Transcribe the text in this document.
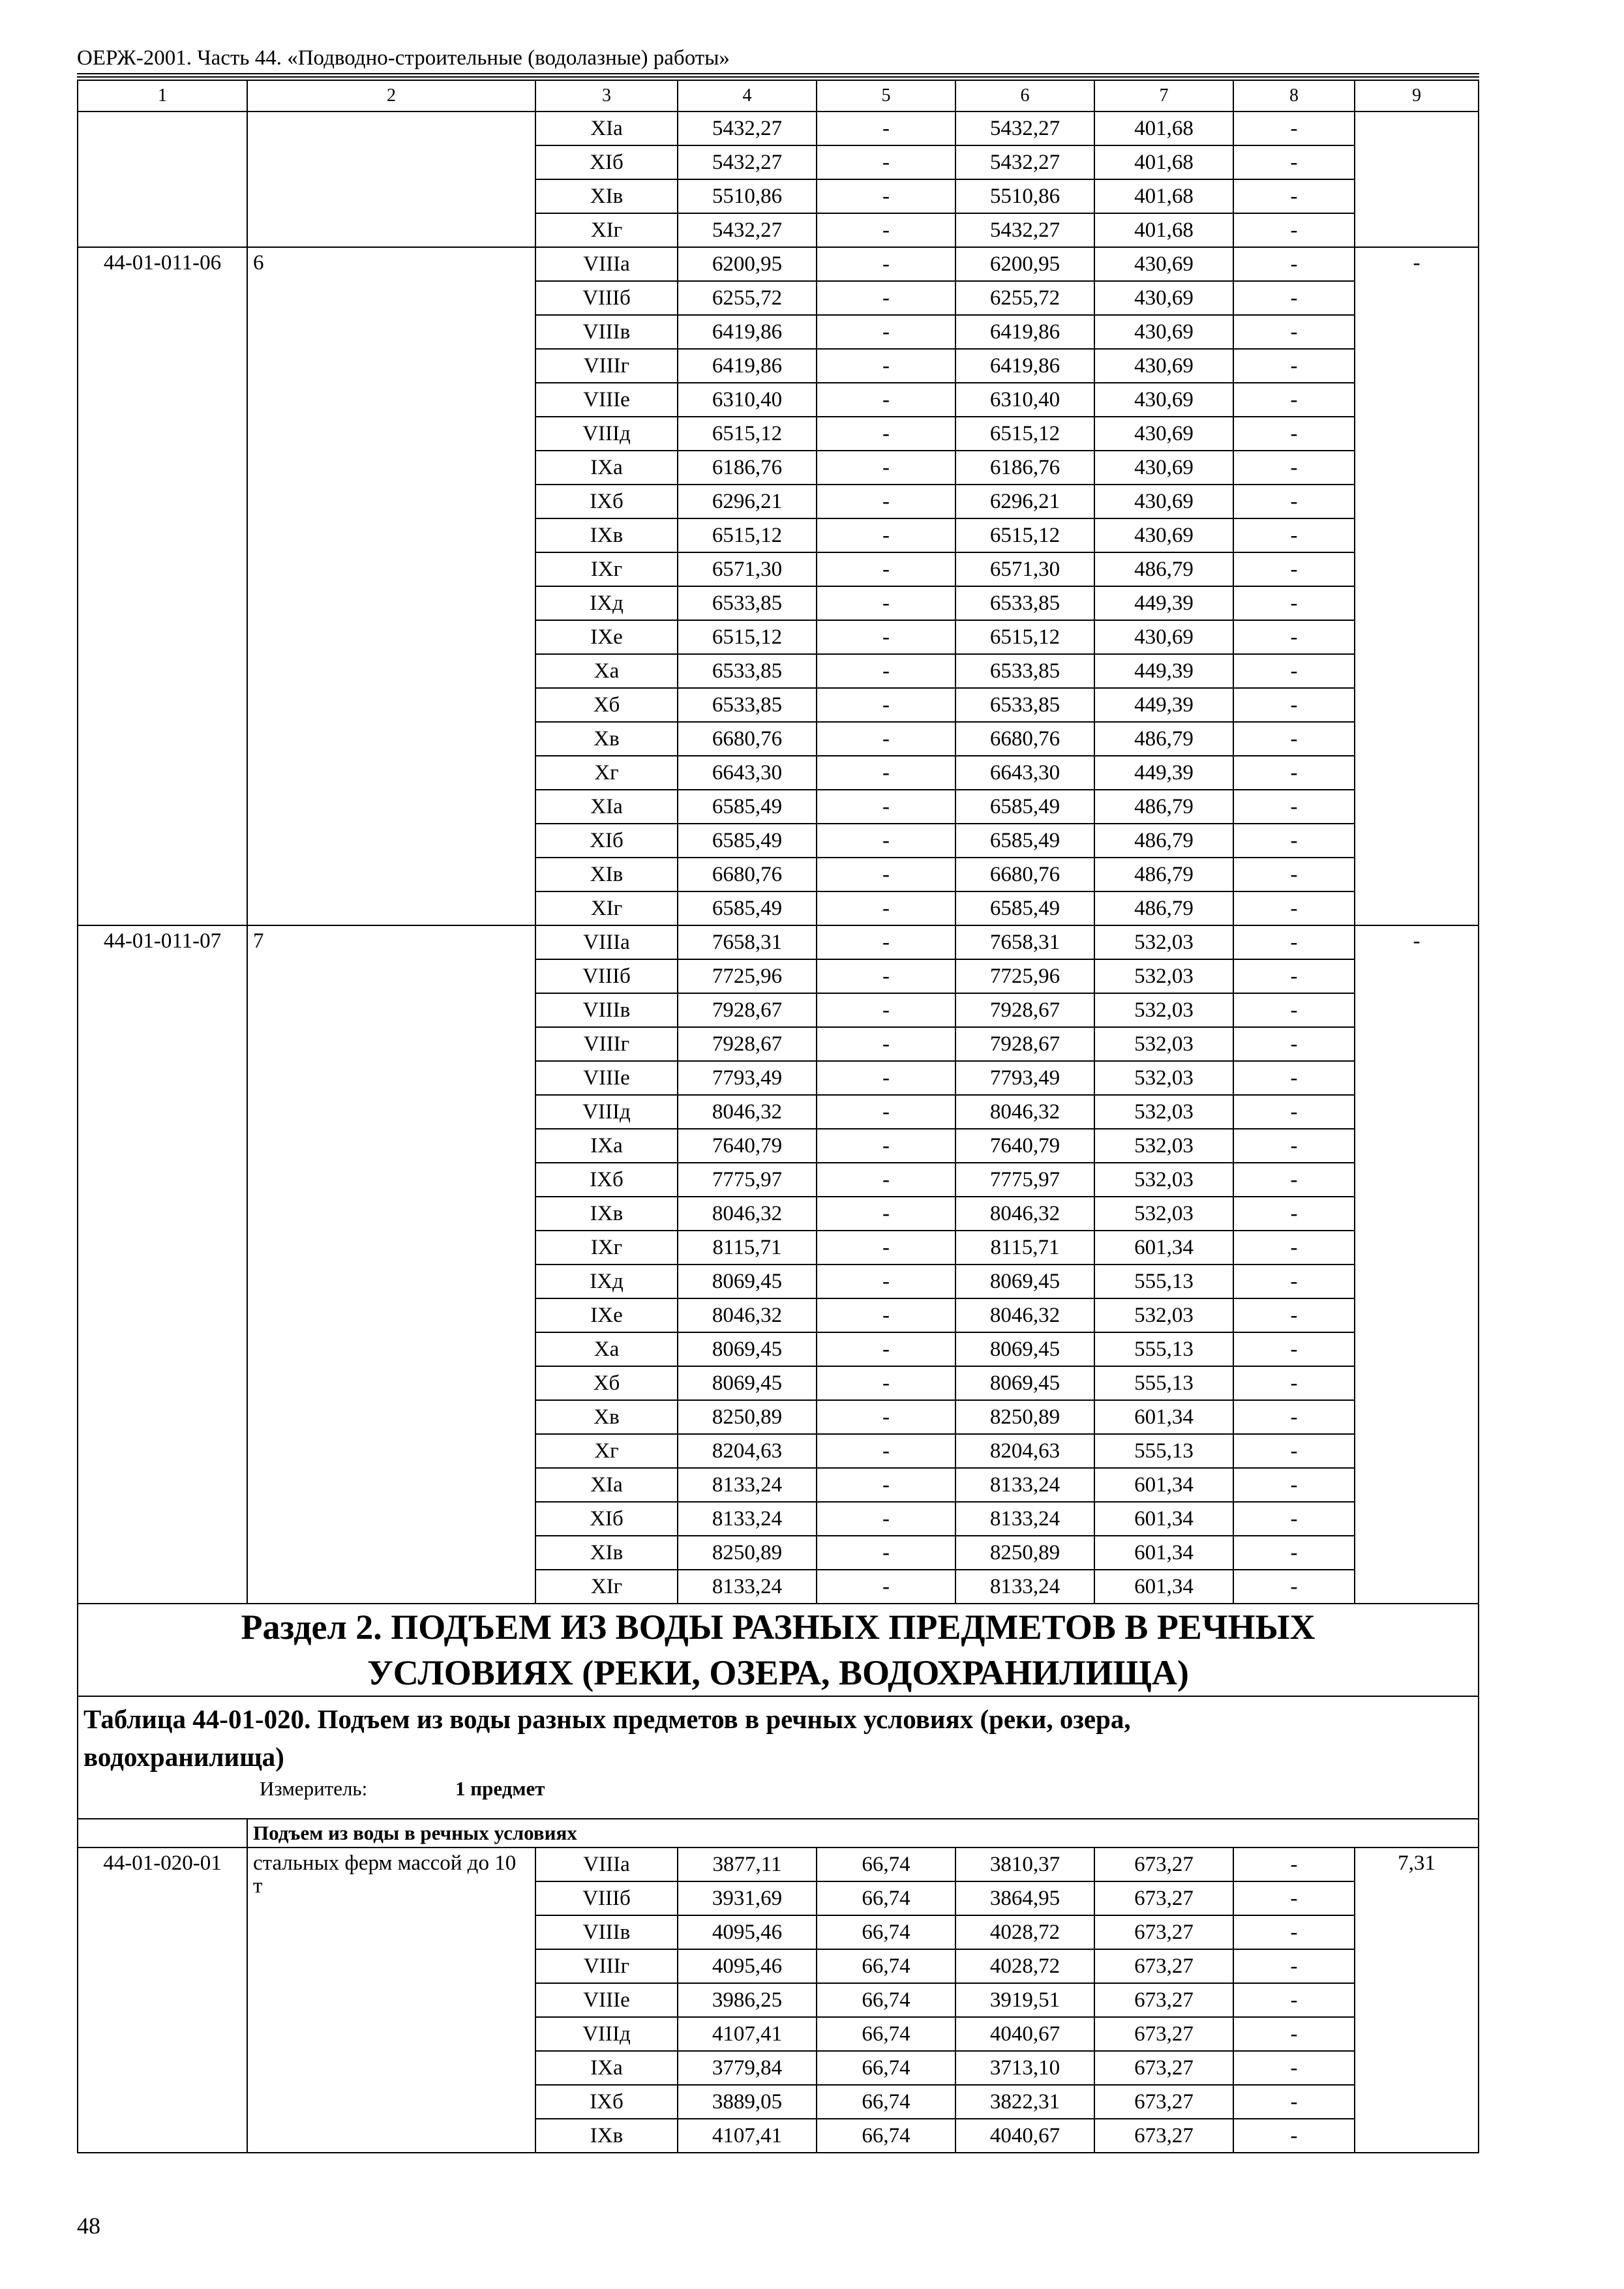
ОЕРЖ-2001. Часть 44. «Подводно-строительные (водолазные) работы»
1	2	3	4	5	6	7	8	9
		XIа	5432,27	-	5432,27	401,68	-	
		XIб	5432,27	-	5432,27	401,68	-	
		XIв	5510,86	-	5510,86	401,68	-	
		XIг	5432,27	-	5432,27	401,68	-	
44-01-011-06	6	VIIIа	6200,95	-	6200,95	430,69	-	-
		VIIIб	6255,72	-	6255,72	430,69	-	
		VIIIв	6419,86	-	6419,86	430,69	-	
		VIIIг	6419,86	-	6419,86	430,69	-	
		VIIIе	6310,40	-	6310,40	430,69	-	
		VIIIд	6515,12	-	6515,12	430,69	-	
		IXа	6186,76	-	6186,76	430,69	-	
		IXб	6296,21	-	6296,21	430,69	-	
		IXв	6515,12	-	6515,12	430,69	-	
		IXг	6571,30	-	6571,30	486,79	-	
		IXд	6533,85	-	6533,85	449,39	-	
		IXе	6515,12	-	6515,12	430,69	-	
		Xа	6533,85	-	6533,85	449,39	-	
		Xб	6533,85	-	6533,85	449,39	-	
		Xв	6680,76	-	6680,76	486,79	-	
		Xг	6643,30	-	6643,30	449,39	-	
		XIа	6585,49	-	6585,49	486,79	-	
		XIб	6585,49	-	6585,49	486,79	-	
		XIв	6680,76	-	6680,76	486,79	-	
		XIг	6585,49	-	6585,49	486,79	-	
44-01-011-07	7	VIIIа	7658,31	-	7658,31	532,03	-	-
		VIIIб	7725,96	-	7725,96	532,03	-	
		VIIIв	7928,67	-	7928,67	532,03	-	
		VIIIг	7928,67	-	7928,67	532,03	-	
		VIIIе	7793,49	-	7793,49	532,03	-	
		VIIIд	8046,32	-	8046,32	532,03	-	
		IXа	7640,79	-	7640,79	532,03	-	
		IXб	7775,97	-	7775,97	532,03	-	
		IXв	8046,32	-	8046,32	532,03	-	
		IXг	8115,71	-	8115,71	601,34	-	
		IXд	8069,45	-	8069,45	555,13	-	
		IXе	8046,32	-	8046,32	532,03	-	
		Xа	8069,45	-	8069,45	555,13	-	
		Xб	8069,45	-	8069,45	555,13	-	
		Xв	8250,89	-	8250,89	601,34	-	
		Xг	8204,63	-	8204,63	555,13	-	
		XIа	8133,24	-	8133,24	601,34	-	
		XIб	8133,24	-	8133,24	601,34	-	
		XIв	8250,89	-	8250,89	601,34	-	
		XIг	8133,24	-	8133,24	601,34	-	

Раздел 2. ПОДЪЕМ ИЗ ВОДЫ РАЗНЫХ ПРЕДМЕТОВ В РЕЧНЫХ
УСЛОВИЯХ (РЕКИ, ОЗЕРА, ВОДОХРАНИЛИЩА)								

Таблица 44-01-020. Подъем из воды разных предметов в речных условиях (реки, озера,
водохранилища)
Измеритель: 1 предмет								

	Подъем из воды в речных условиях							
44-01-020-01	стальных ферм массой до 10 т	VIIIа	3877,11	66,74	3810,37	673,27	-	7,31
		VIIIб	3931,69	66,74	3864,95	673,27	-	
		VIIIв	4095,46	66,74	4028,72	673,27	-	
		VIIIг	4095,46	66,74	4028,72	673,27	-	
		VIIIе	3986,25	66,74	3919,51	673,27	-	
		VIIIд	4107,41	66,74	4040,67	673,27	-	
		IXа	3779,84	66,74	3713,10	673,27	-	
		IXб	3889,05	66,74	3822,31	673,27	-	
		IXв	4107,41	66,74	4040,67	673,27	-	
48
